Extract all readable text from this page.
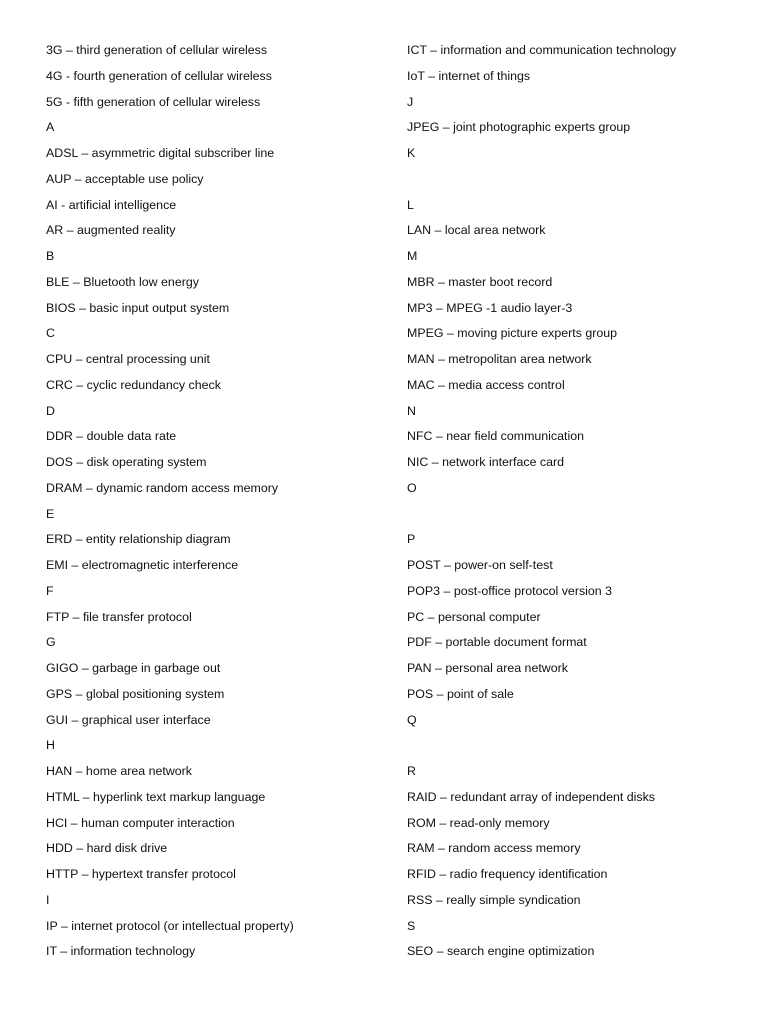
3G – third generation of cellular wireless
4G - fourth generation of cellular wireless
5G - fifth generation of cellular wireless
A
ADSL – asymmetric digital subscriber line
AUP – acceptable use policy
AI - artificial intelligence
AR – augmented reality
B
BLE – Bluetooth low energy
BIOS – basic input output system
C
CPU – central processing unit
CRC – cyclic redundancy check
D
DDR – double data rate
DOS – disk operating system
DRAM – dynamic random access memory
E
ERD – entity relationship diagram
EMI – electromagnetic interference
F
FTP – file transfer protocol
G
GIGO – garbage in garbage out
GPS – global positioning system
GUI – graphical user interface
H
HAN – home area network
HTML – hyperlink text markup language
HCI – human computer interaction
HDD – hard disk drive
HTTP – hypertext transfer protocol
I
IP – internet protocol (or intellectual property)
IT – information technology
ICT – information and communication technology
IoT – internet of things
J
JPEG – joint photographic experts group
K
L
LAN – local area network
M
MBR – master boot record
MP3 – MPEG -1 audio layer-3
MPEG – moving picture experts group
MAN – metropolitan area network
MAC – media access control
N
NFC – near field communication
NIC – network interface card
O
P
POST – power-on self-test
POP3 – post-office protocol version 3
PC – personal computer
PDF – portable document format
PAN – personal area network
POS – point of sale
Q
R
RAID – redundant array of independent disks
ROM – read-only memory
RAM – random access memory
RFID – radio frequency identification
RSS – really simple syndication
S
SEO – search engine optimization
